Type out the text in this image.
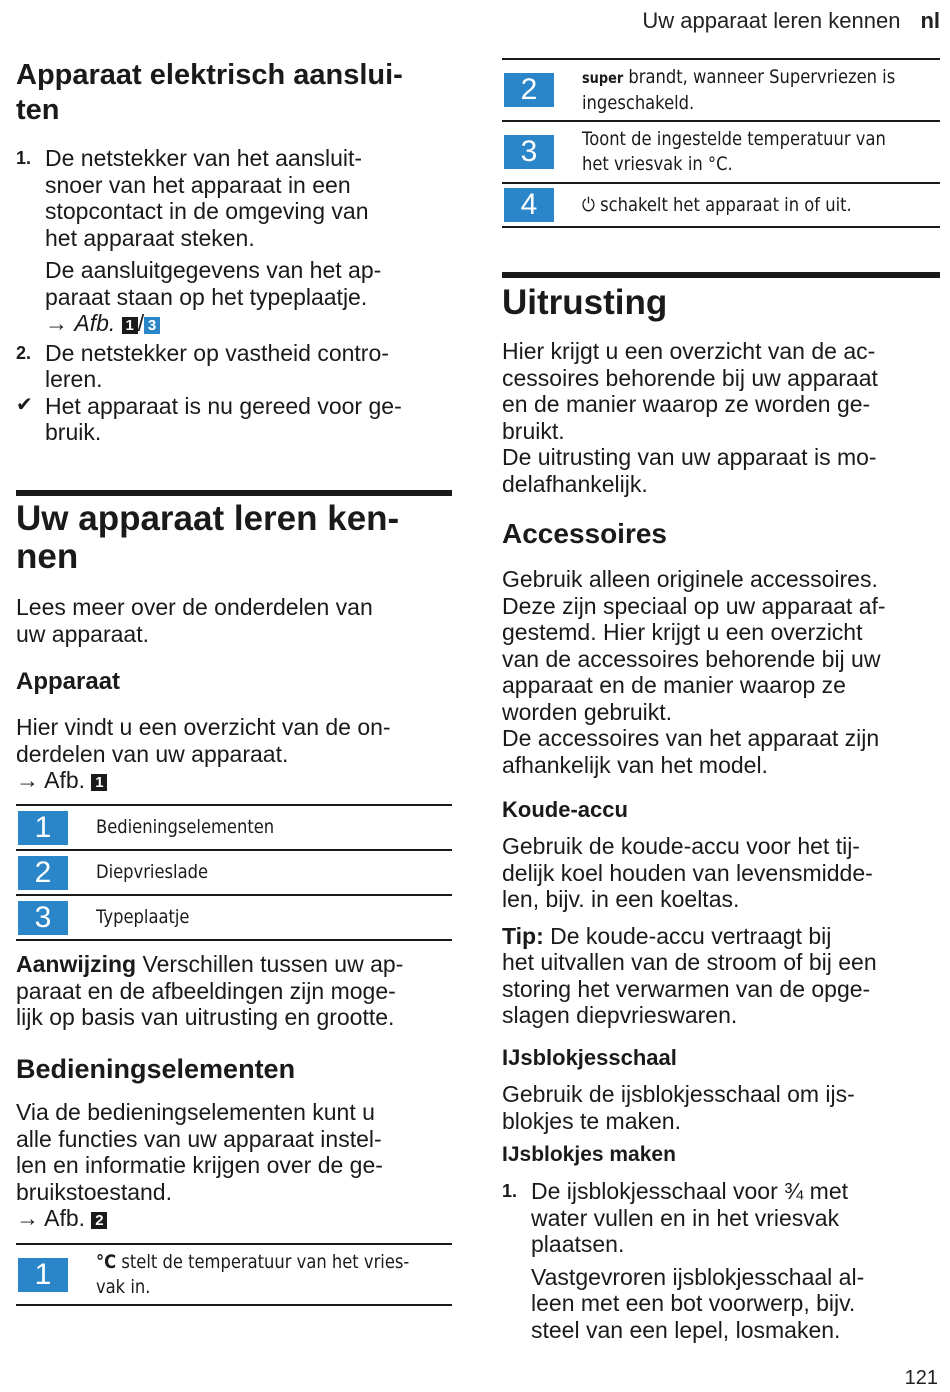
Uw apparaat leren kennen nl
Apparaat elektrisch aanslui-
ten
1. De netstekker van het aansluit-
snoer van het apparaat in een
stopcontact in de omgeving van
het apparaat steken.
De aansluitgegevens van het ap-
paraat staan op het typeplaatje.
→ Afb. 1 / 3
2. De netstekker op vastheid contro-
leren.
✔ Het apparaat is nu gereed voor ge-
bruik.
Uw apparaat leren ken-
nen
Lees meer over de onderdelen van
uw apparaat.
Apparaat
Hier vindt u een overzicht van de on-
derdelen van uw apparaat.
→ Afb. 1
1	Bedieningselementen
2	Diepvrieslade
3	Typeplaatje
Aanwijzing Verschillen tussen uw ap-
paraat en de afbeeldingen zijn moge-
lijk op basis van uitrusting en grootte.
Bedieningselementen
Via de bedieningselementen kunt u
alle functies van uw apparaat instel-
len en informatie krijgen over de ge-
bruikstoestand.
→ Afb. 2
1	°C stelt de temperatuur van het vries-
vak in.
2	super brandt, wanneer Supervriezen is
ingeschakeld.
3	Toont de ingestelde temperatuur van
het vriesvak in °C.
4	⏻ schakelt het apparaat in of uit.
Uitrusting
Hier krijgt u een overzicht van de ac-
cessoires behorende bij uw apparaat
en de manier waarop ze worden ge-
bruikt.
De uitrusting van uw apparaat is mo-
delafhankelijk.
Accessoires
Gebruik alleen originele accessoires.
Deze zijn speciaal op uw apparaat af-
gestemd. Hier krijgt u een overzicht
van de accessoires behorende bij uw
apparaat en de manier waarop ze
worden gebruikt.
De accessoires van het apparaat zijn
afhankelijk van het model.
Koude-accu
Gebruik de koude-accu voor het tij-
delijk koel houden van levensmidde-
len, bijv. in een koeltas.
Tip: De koude-accu vertraagt bij
het uitvallen van de stroom of bij een
storing het verwarmen van de opge-
slagen diepvrieswaren.
IJsblokjesschaal
Gebruik de ijsblokjesschaal om ijs-
blokjes te maken.
IJsblokjes maken
1. De ijsblokjesschaal voor ¾ met
water vullen en in het vriesvak
plaatsen.
Vastgevroren ijsblokjesschaal al-
leen met een bot voorwerp, bijv.
steel van een lepel, losmaken.
121
